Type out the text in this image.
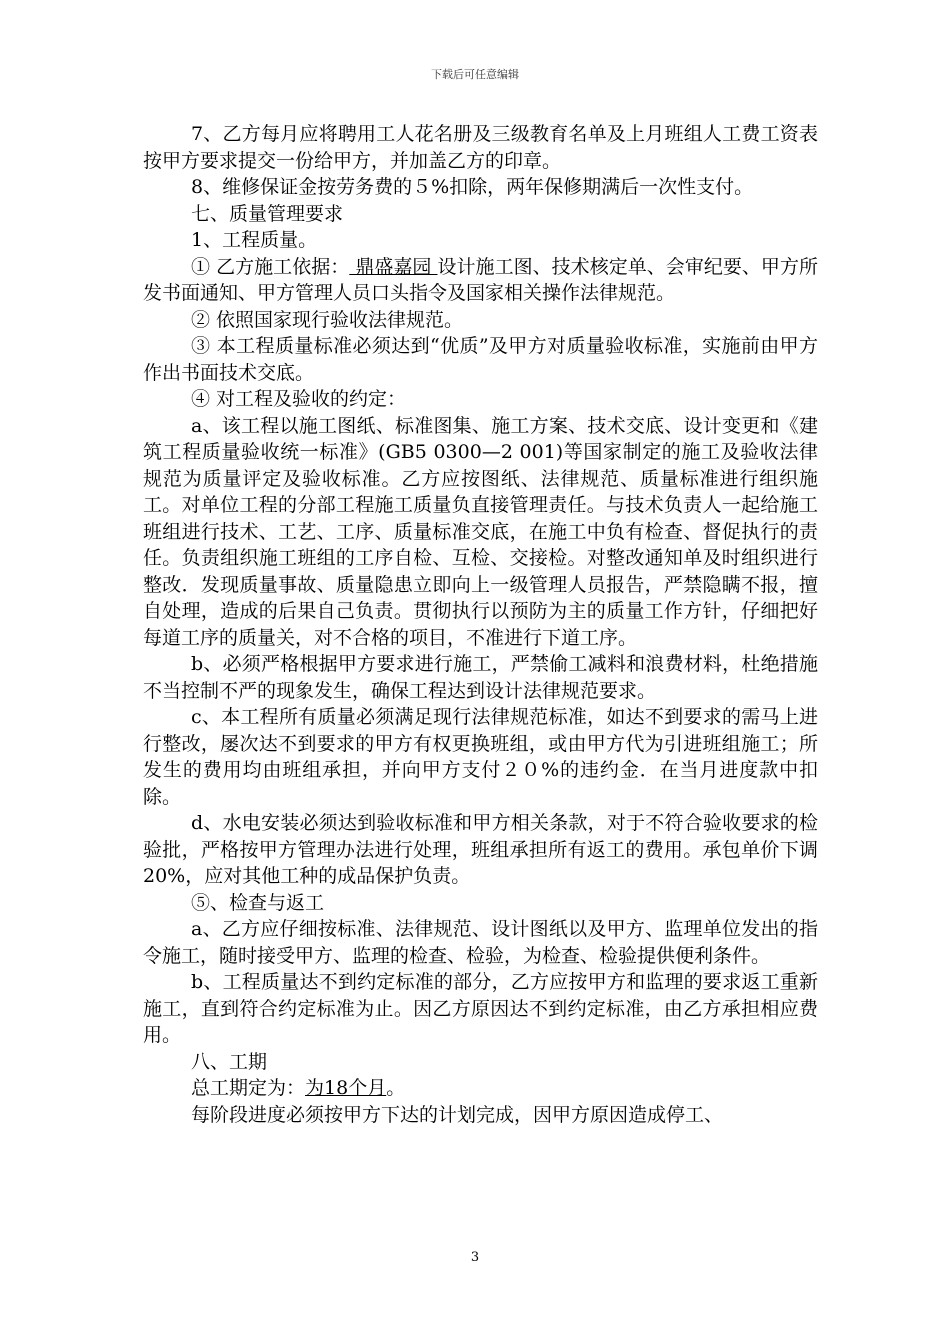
下载后可任意编辑

7、乙方每月应将聘用工人花名册及三级教育名单及上月班组人工费工资表按甲方要求提交一份给甲方，并加盖乙方的印章。

8、维修保证金按劳务费的５%扣除，两年保修期满后一次性支付。

七、质量管理要求

1、工程质量。

① 乙方施工依据： 鼎盛嘉园 设计施工图、技术核定单、会审纪要、甲方所发书面通知、甲方管理人员口头指令及国家相关操作法律规范。

② 依照国家现行验收法律规范。

③ 本工程质量标准必须达到“优质”及甲方对质量验收标准，实施前由甲方作出书面技术交底。

④ 对工程及验收的约定：

a、该工程以施工图纸、标准图集、施工方案、技术交底、设计变更和《建筑工程质量验收统一标准》(GB5 0300—2 001)等国家制定的施工及验收法律规范为质量评定及验收标准。乙方应按图纸、法律规范、质量标准进行组织施工。对单位工程的分部工程施工质量负直接管理责任。与技术负责人一起给施工班组进行技术、工艺、工序、质量标准交底，在施工中负有检查、督促执行的责任。负责组织施工班组的工序自检、互检、交接检。对整改通知单及时组织进行整改．发现质量事故、质量隐患立即向上一级管理人员报告，严禁隐瞒不报，擅自处理，造成的后果自己负责。贯彻执行以预防为主的质量工作方针，仔细把好每道工序的质量关，对不合格的项目，不准进行下道工序。

b、必须严格根据甲方要求进行施工，严禁偷工减料和浪费材料，杜绝措施不当控制不严的现象发生，确保工程达到设计法律规范要求。

c、本工程所有质量必须满足现行法律规范标准，如达不到要求的需马上进行整改，屡次达不到要求的甲方有权更换班组，或由甲方代为引进班组施工；所发生的费用均由班组承担，并向甲方支付２０%的违约金．在当月进度款中扣除。

d、水电安装必须达到验收标准和甲方相关条款，对于不符合验收要求的检验批，严格按甲方管理办法进行处理，班组承担所有返工的费用。承包单价下调20%，应对其他工种的成品保护负责。

⑤、检查与返工

a、乙方应仔细按标准、法律规范、设计图纸以及甲方、监理单位发出的指令施工，随时接受甲方、监理的检查、检验，为检查、检验提供便利条件。

b、工程质量达不到约定标准的部分，乙方应按甲方和监理的要求返工重新施工，直到符合约定标准为止。因乙方原因达不到约定标准，由乙方承担相应费用。

八、工期

总工期定为：为18个月。

每阶段进度必须按甲方下达的计划完成，因甲方原因造成停工、

3
